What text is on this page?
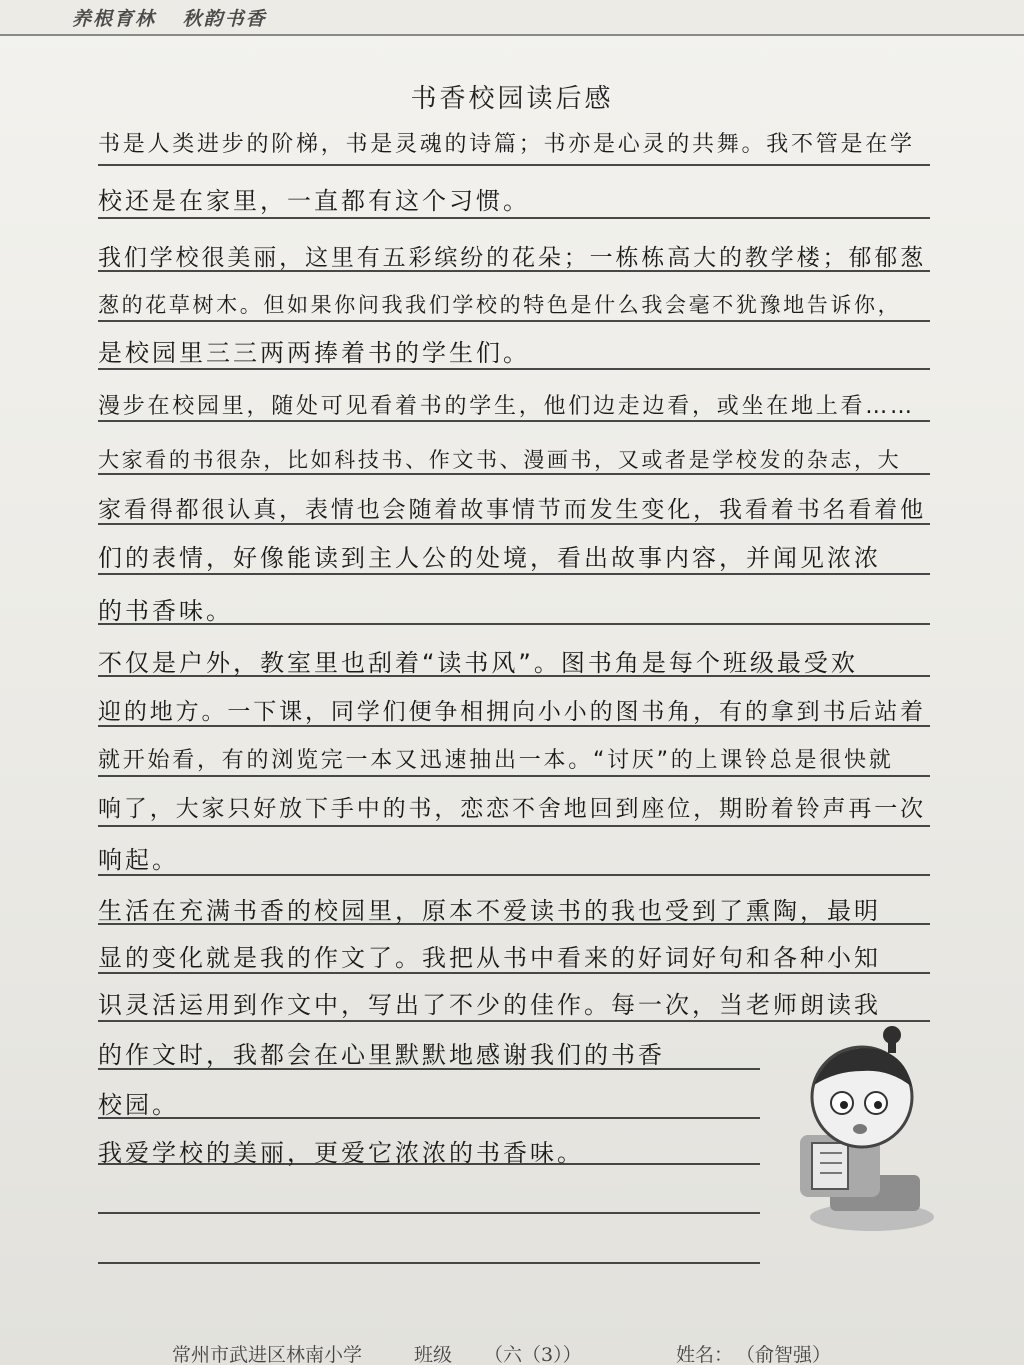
养根育林 秋韵书香
书香校园读后感
书是人类进步的阶梯，书是灵魂的诗篇；书亦是心灵的共舞。我不管是在学
校还是在家里，一直都有这个习惯。
我们学校很美丽，这里有五彩缤纷的花朵；一栋栋高大的教学楼；郁郁葱
葱的花草树木。但如果你问我我们学校的特色是什么我会毫不犹豫地告诉你，
是校园里三三两两捧着书的学生们。
漫步在校园里，随处可见看着书的学生，他们边走边看，或坐在地上看……
大家看的书很杂，比如科技书、作文书、漫画书，又或者是学校发的杂志，大
家看得都很认真，表情也会随着故事情节而发生变化，我看着书名看着他
们的表情，好像能读到主人公的处境，看出故事内容，并闻见浓浓
的书香味。
不仅是户外，教室里也刮着“读书风”。图书角是每个班级最受欢
迎的地方。一下课，同学们便争相拥向小小的图书角，有的拿到书后站着
就开始看，有的浏览完一本又迅速抽出一本。“讨厌”的上课铃总是很快就
响了，大家只好放下手中的书，恋恋不舍地回到座位，期盼着铃声再一次
响起。
生活在充满书香的校园里，原本不爱读书的我也受到了熏陶，最明
显的变化就是我的作文了。我把从书中看来的好词好句和各种小知
识灵活运用到作文中，写出了不少的佳作。每一次，当老师朗读我
的作文时，我都会在心里默默地感谢我们的书香
校园。
我爱学校的美丽，更爱它浓浓的书香味。
常州市武进区林南小学	班级 （六（3））	姓名： （俞智强）
